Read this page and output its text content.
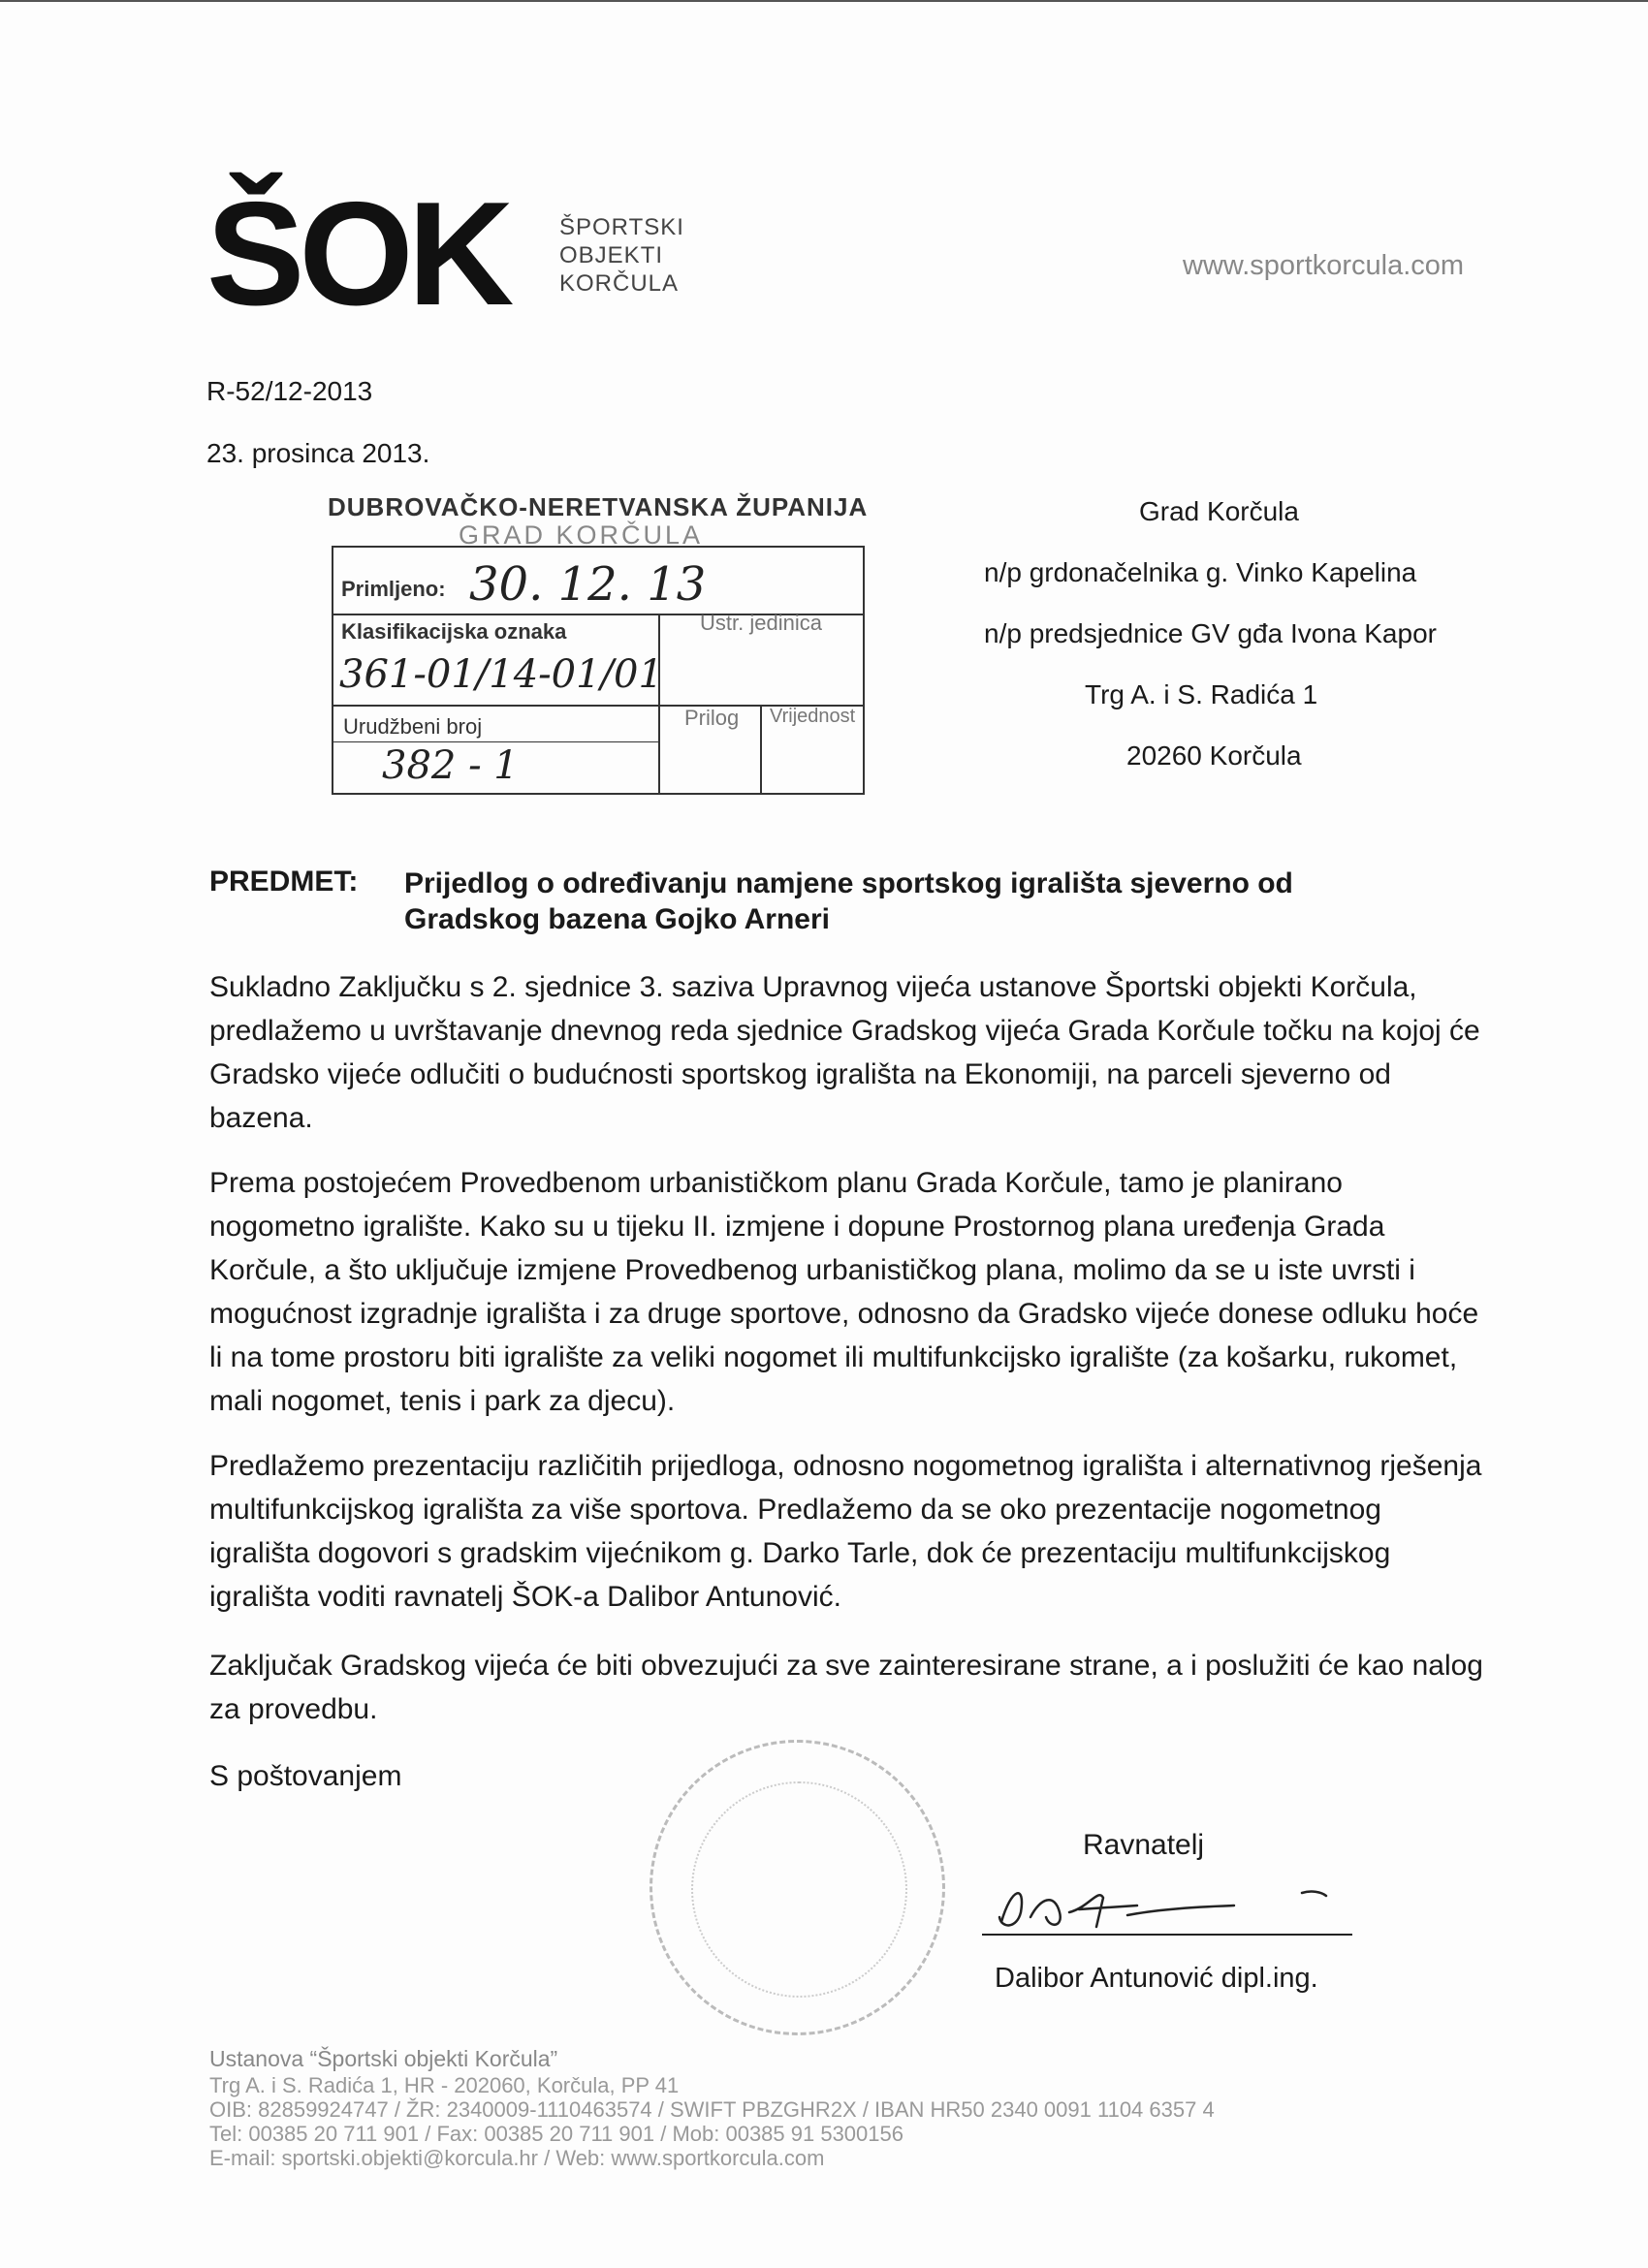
ŠOK	ŠPORTSKI
OBJEKTI
KORČULA
www.sportkorcula.com
R-52/12-2013
23. prosinca 2013.
DUBROVAČKO-NERETVANSKA ŽUPANIJA
GRAD KORČULA
Primljeno: 30. 12. 13
Klasifikacijska oznaka	Ustr. jedinica
361-01/14-01/01
Urudžbeni broj	Prilog Vrijednost
382 - 1
Grad Korčula
n/p grdonačelnika g. Vinko Kapelina
n/p predsjednice GV gđa Ivona Kapor
Trg A. i S. Radića 1
20260 Korčula
PREDMET: Prijedlog o određivanju namjene sportskog igrališta sjeverno od
Gradskog bazena Gojko Arneri
Sukladno Zaključku s 2. sjednice 3. saziva Upravnog vijeća ustanove Športski objekti Korčula, predlažemo u uvrštavanje dnevnog reda sjednice Gradskog vijeća Grada Korčule točku na kojoj će Gradsko vijeće odlučiti o budućnosti sportskog igrališta na Ekonomiji, na parceli sjeverno od bazena.
Prema postojećem Provedbenom urbanističkom planu Grada Korčule, tamo je planirano nogometno igralište. Kako su u tijeku II. izmjene i dopune Prostornog plana uređenja Grada Korčule, a što uključuje izmjene Provedbenog urbanističkog plana, molimo da se u iste uvrsti i mogućnost izgradnje igrališta i za druge sportove, odnosno da Gradsko vijeće donese odluku hoće li na tome prostoru biti igralište za veliki nogomet ili multifunkcijsko igralište (za košarku, rukomet, mali nogomet, tenis i park za djecu).
Predlažemo prezentaciju različitih prijedloga, odnosno nogometnog igrališta i alternativnog rješenja multifunkcijskog igrališta za više sportova. Predlažemo da se oko prezentacije nogometnog igrališta dogovori s gradskim vijećnikom g. Darko Tarle, dok će prezentaciju multifunkcijskog igrališta voditi ravnatelj ŠOK-a Dalibor Antunović.
Zaključak Gradskog vijeća će biti obvezujući za sve zainteresirane strane, a i poslužiti će kao nalog za provedbu.
S poštovanjem
Ravnatelj
Dalibor Antunović dipl.ing.
Ustanova “Športski objekti Korčula”
Trg A. i S. Radića 1, HR - 202060, Korčula, PP 41
OIB: 82859924747 / ŽR: 2340009-1110463574 / SWIFT PBZGHR2X / IBAN HR50 2340 0091 1104 6357 4
Tel: 00385 20 711 901 / Fax: 00385 20 711 901 / Mob: 00385 91 5300156
E-mail: sportski.objekti@korcula.hr / Web: www.sportkorcula.com
